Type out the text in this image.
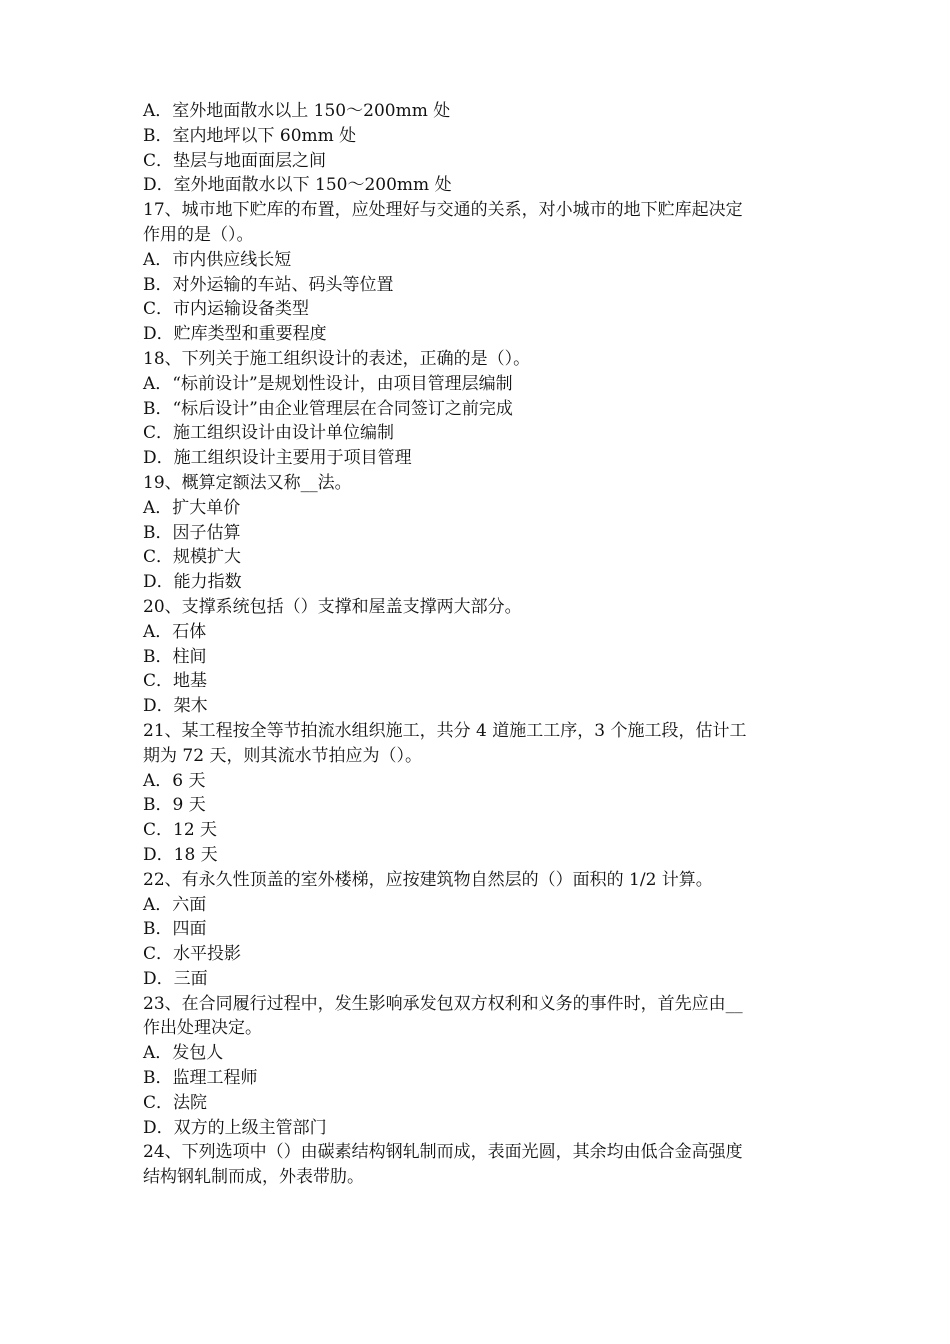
A．室外地面散水以上 150～200mm 处
B．室内地坪以下 60mm 处
C．垫层与地面面层之间
D．室外地面散水以下 150～200mm 处
17、城市地下贮库的布置，应处理好与交通的关系，对小城市的地下贮库起决定
作用的是（）。
A．市内供应线长短
B．对外运输的车站、码头等位置
C．市内运输设备类型
D．贮库类型和重要程度
18、下列关于施工组织设计的表述，正确的是（）。
A．“标前设计”是规划性设计，由项目管理层编制
B．“标后设计”由企业管理层在合同签订之前完成
C．施工组织设计由设计单位编制
D．施工组织设计主要用于项目管理
19、概算定额法又称__法。
A．扩大单价
B．因子估算
C．规模扩大
D．能力指数
20、支撑系统包括（）支撑和屋盖支撑两大部分。
A．石体
B．柱间
C．地基
D．架木
21、某工程按全等节拍流水组织施工，共分 4 道施工工序，3 个施工段，估计工
期为 72 天，则其流水节拍应为（）。
A．6 天
B．9 天
C．12 天
D．18 天
22、有永久性顶盖的室外楼梯，应按建筑物自然层的（）面积的 1/2 计算。
A．六面
B．四面
C．水平投影
D．三面
23、在合同履行过程中，发生影响承发包双方权利和义务的事件时，首先应由__
作出处理决定。
A．发包人
B．监理工程师
C．法院
D．双方的上级主管部门
24、下列选项中（）由碳素结构钢轧制而成，表面光圆，其余均由低合金高强度
结构钢轧制而成，外表带肋。
